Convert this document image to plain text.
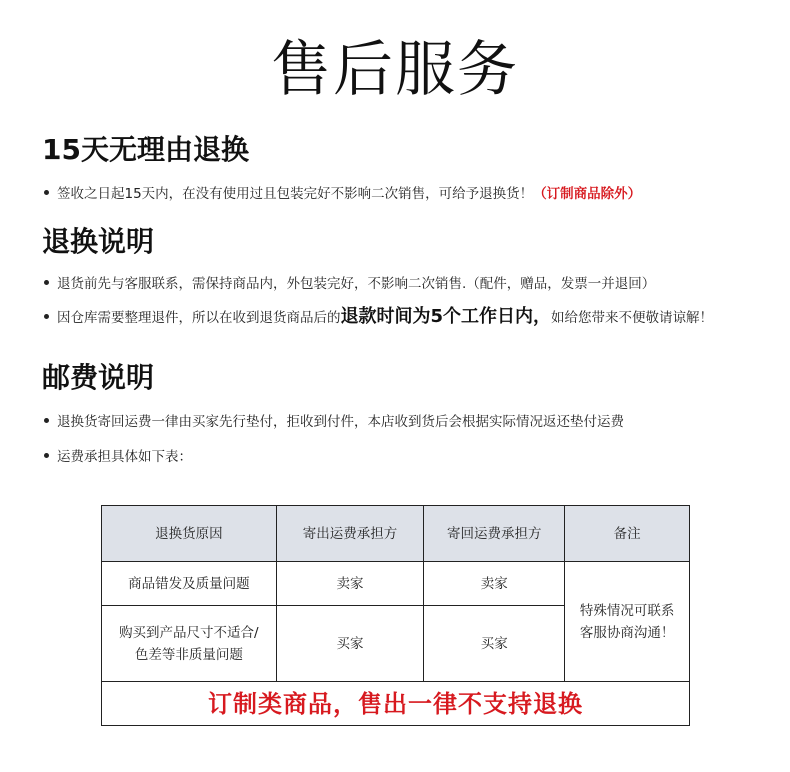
售后服务
15天无理由退换
签收之日起15天内，在没有使用过且包装完好不影响二次销售，可给予退换货！（订制商品除外）
退换说明
退货前先与客服联系，需保持商品内，外包装完好，不影响二次销售.（配件，赠品，发票一并退回）
因仓库需要整理退件，所以在收到退货商品后的退款时间为5个工作日内，如给您带来不便敬请谅解！
邮费说明
退换货寄回运费一律由买家先行垫付，拒收到付件，本店收到货后会根据实际情况返还垫付运费
运费承担具体如下表：
退换货原因	寄出运费承担方	寄回运费承担方	备注
商品错发及质量问题	卖家	卖家	特殊情况可联系
客服协商沟通！

购买到产品尺寸不适合/
色差等非质量问题	买家	买家	
订制类商品，售出一律不支持退换			
